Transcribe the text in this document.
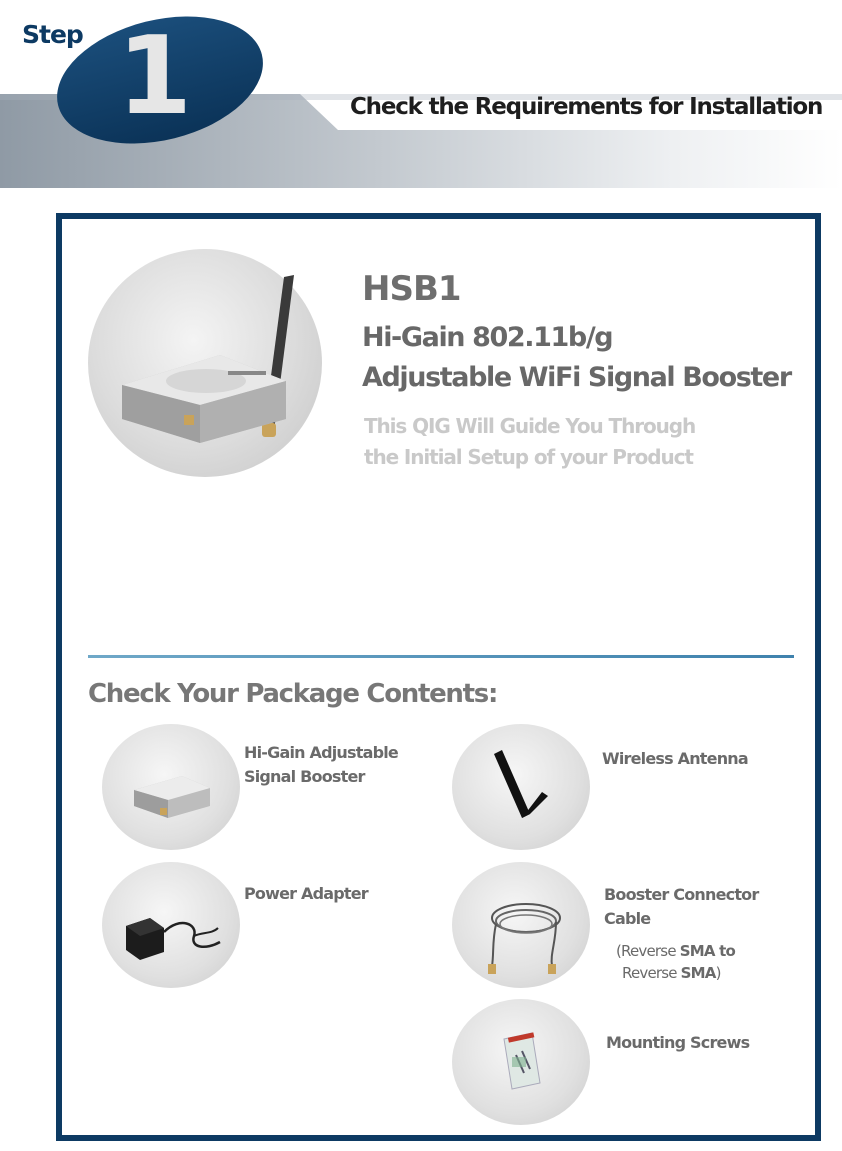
Step 1	Check the Requirements for Installation
HSB1
Hi-Gain 802.11b/g
Adjustable WiFi Signal Booster
This QIG Will Guide You Through
the Initial Setup of your Product
Check Your Package Contents:
Hi-Gain Adjustable
Signal Booster
Wireless Antenna
Power Adapter	Booster Connector
Cable
(Reverse SMA to
Reverse SMA)
Mounting Screws
